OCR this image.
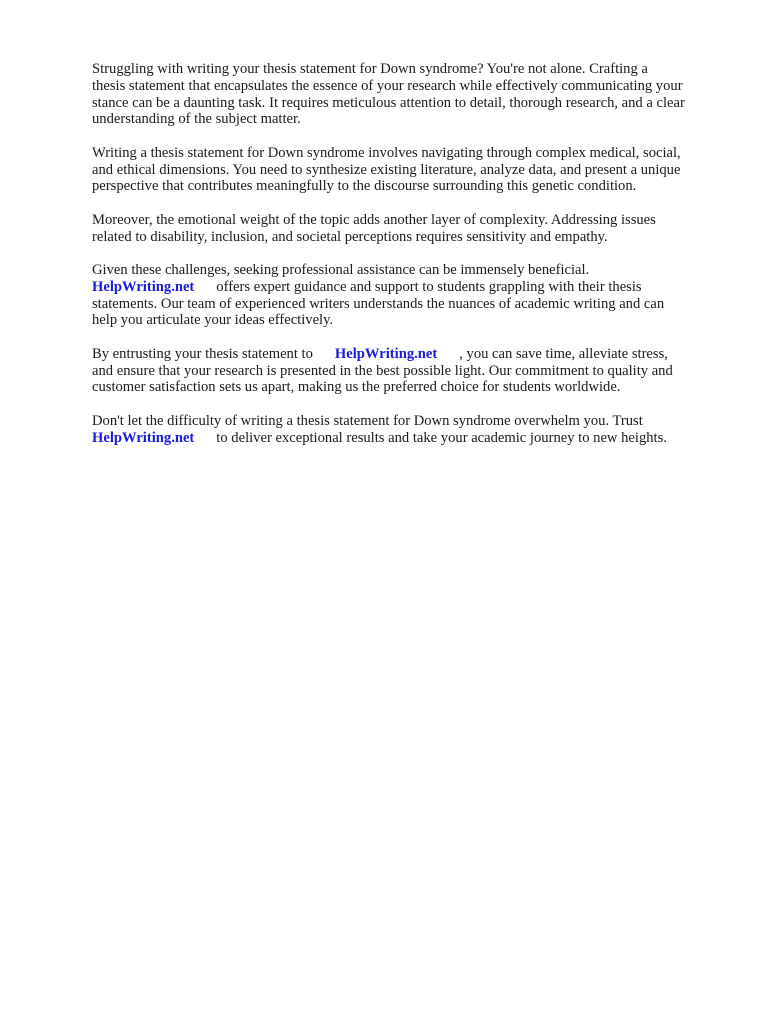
Struggling with writing your thesis statement for Down syndrome? You're not alone. Crafting a
thesis statement that encapsulates the essence of your research while effectively communicating your
stance can be a daunting task. It requires meticulous attention to detail, thorough research, and a clear
understanding of the subject matter.

Writing a thesis statement for Down syndrome involves navigating through complex medical, social,
and ethical dimensions. You need to synthesize existing literature, analyze data, and present a unique
perspective that contributes meaningfully to the discourse surrounding this genetic condition.

Moreover, the emotional weight of the topic adds another layer of complexity. Addressing issues
related to disability, inclusion, and societal perceptions requires sensitivity and empathy.

Given these challenges, seeking professional assistance can be immensely beneficial.
HelpWriting.net offers expert guidance and support to students grappling with their thesis
statements. Our team of experienced writers understands the nuances of academic writing and can
help you articulate your ideas effectively.

By entrusting your thesis statement to HelpWriting.net , you can save time, alleviate stress,
and ensure that your research is presented in the best possible light. Our commitment to quality and
customer satisfaction sets us apart, making us the preferred choice for students worldwide.

Don't let the difficulty of writing a thesis statement for Down syndrome overwhelm you. Trust
HelpWriting.net to deliver exceptional results and take your academic journey to new heights.
